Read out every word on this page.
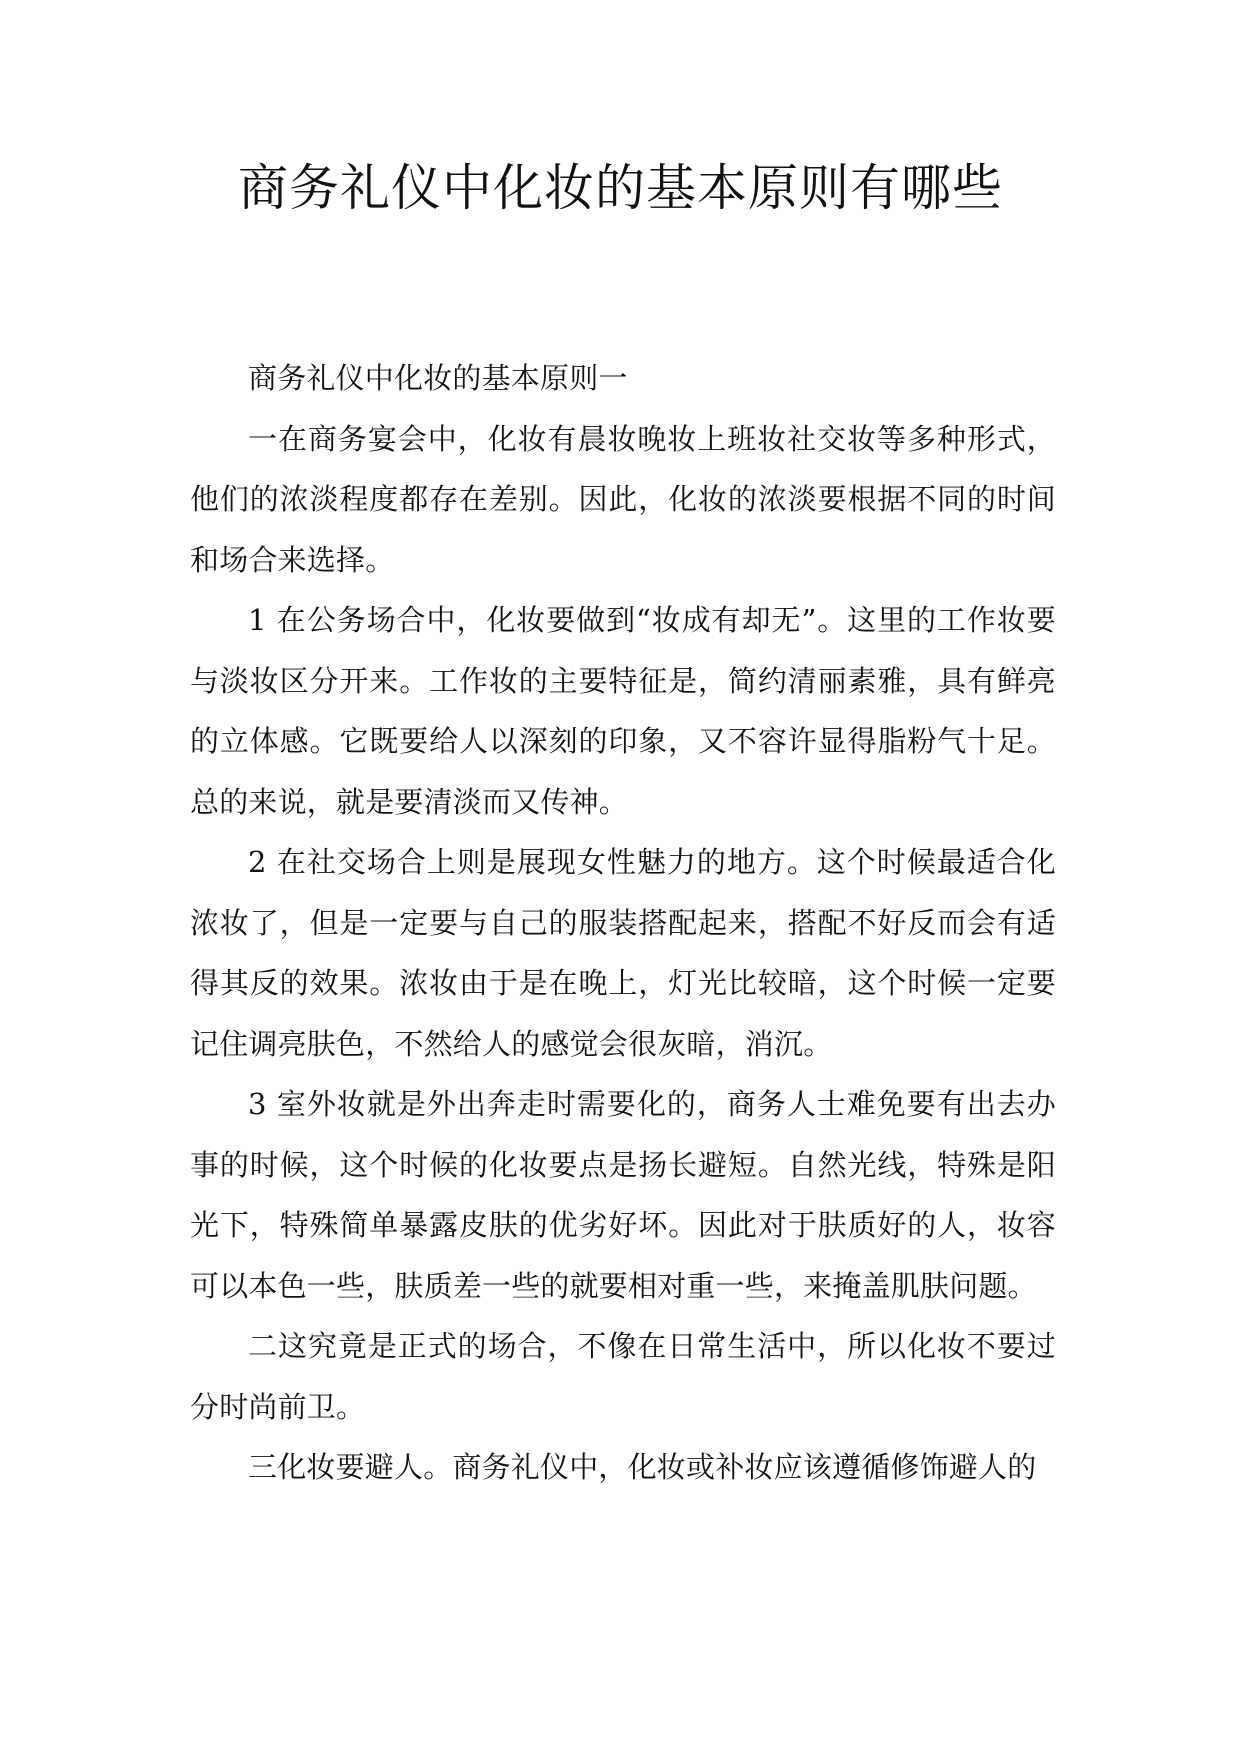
商务礼仪中化妆的基本原则有哪些

商务礼仪中化妆的基本原则一

一在商务宴会中，化妆有晨妆晚妆上班妆社交妆等多种形式，他们的浓淡程度都存在差别。因此，化妆的浓淡要根据不同的时间和场合来选择。

1 在公务场合中，化妆要做到“妆成有却无”。这里的工作妆要与淡妆区分开来。工作妆的主要特征是，简约清丽素雅，具有鲜亮的立体感。它既要给人以深刻的印象，又不容许显得脂粉气十足。总的来说，就是要清淡而又传神。

2 在社交场合上则是展现女性魅力的地方。这个时候最适合化浓妆了，但是一定要与自己的服装搭配起来，搭配不好反而会有适得其反的效果。浓妆由于是在晚上，灯光比较暗，这个时候一定要记住调亮肤色，不然给人的感觉会很灰暗，消沉。

3 室外妆就是外出奔走时需要化的，商务人士难免要有出去办事的时候，这个时候的化妆要点是扬长避短。自然光线，特殊是阳光下，特殊简单暴露皮肤的优劣好坏。因此对于肤质好的人，妆容可以本色一些，肤质差一些的就要相对重一些，来掩盖肌肤问题。

二这究竟是正式的场合，不像在日常生活中，所以化妆不要过分时尚前卫。

三化妆要避人。商务礼仪中，化妆或补妆应该遵循修饰避人的
